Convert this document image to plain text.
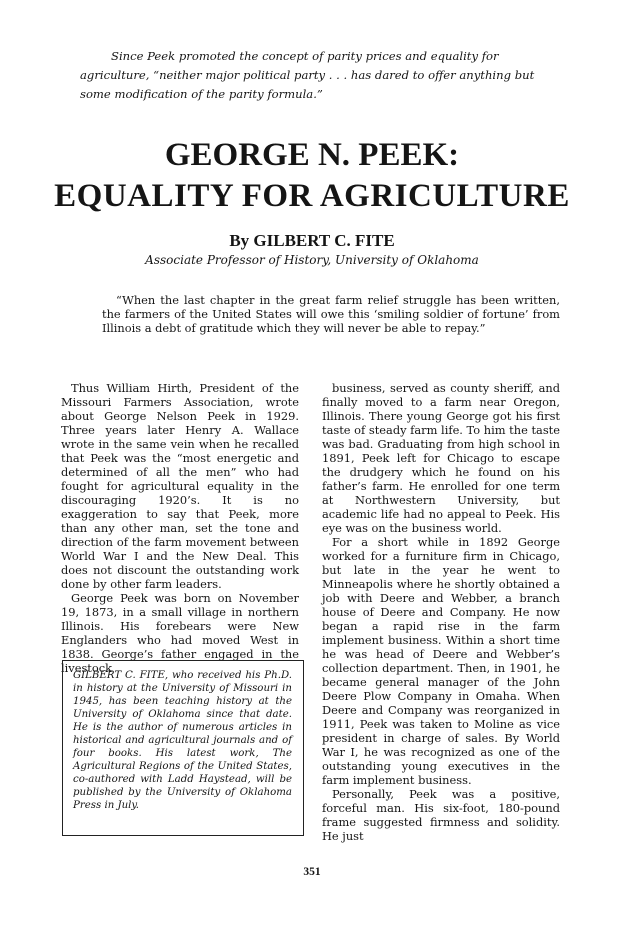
Since Peek promoted the concept of parity prices and equality for agriculture, “neither major political party . . . has dared to offer anything but some modification of the parity formula.”

GEORGE N. PEEK:
EQUALITY FOR AGRICULTURE
By GILBERT C. FITE
Associate Professor of History, University of Oklahoma

“When the last chapter in the great farm relief struggle has been written, the farmers of the United States will owe this ‘smiling soldier of fortune’ from Illinois a debt of gratitude which they will never be able to repay.”

Thus William Hirth, President of the Missouri Farmers Association, wrote about George Nelson Peek in 1929. Three years later Henry A. Wallace wrote in the same vein when he recalled that Peek was the “most energetic and determined of all the men” who had fought for agricultural equality in the discouraging 1920’s. It is no exaggeration to say that Peek, more than any other man, set the tone and direction of the farm movement between World War I and the New Deal. This does not discount the outstanding work done by other farm leaders.

George Peek was born on November 19, 1873, in a small village in northern Illinois. His forebears were New Englanders who had moved West in 1838. George’s father engaged in the livestock

GILBERT C. FITE, who received his Ph.D. in history at the University of Missouri in 1945, has been teaching history at the University of Oklahoma since that date. He is the author of numerous articles in historical and agricultural journals and of four books. His latest work, The Agricultural Regions of the United States, co-authored with Ladd Haystead, will be published by the University of Oklahoma Press in July.

business, served as county sheriff, and finally moved to a farm near Oregon, Illinois. There young George got his first taste of steady farm life. To him the taste was bad. Graduating from high school in 1891, Peek left for Chicago to escape the drudgery which he found on his father’s farm. He enrolled for one term at Northwestern University, but academic life had no appeal to Peek. His eye was on the business world.

For a short while in 1892 George worked for a furniture firm in Chicago, but late in the year he went to Minneapolis where he shortly obtained a job with Deere and Webber, a branch house of Deere and Company. He now began a rapid rise in the farm implement business. Within a short time he was head of Deere and Webber’s collection department. Then, in 1901, he became general manager of the John Deere Plow Company in Omaha. When Deere and Company was reorganized in 1911, Peek was taken to Moline as vice president in charge of sales. By World War I, he was recognized as one of the outstanding young executives in the farm implement business.

Personally, Peek was a positive, forceful man. His six-foot, 180-pound frame suggested firmness and solidity. He just

351
